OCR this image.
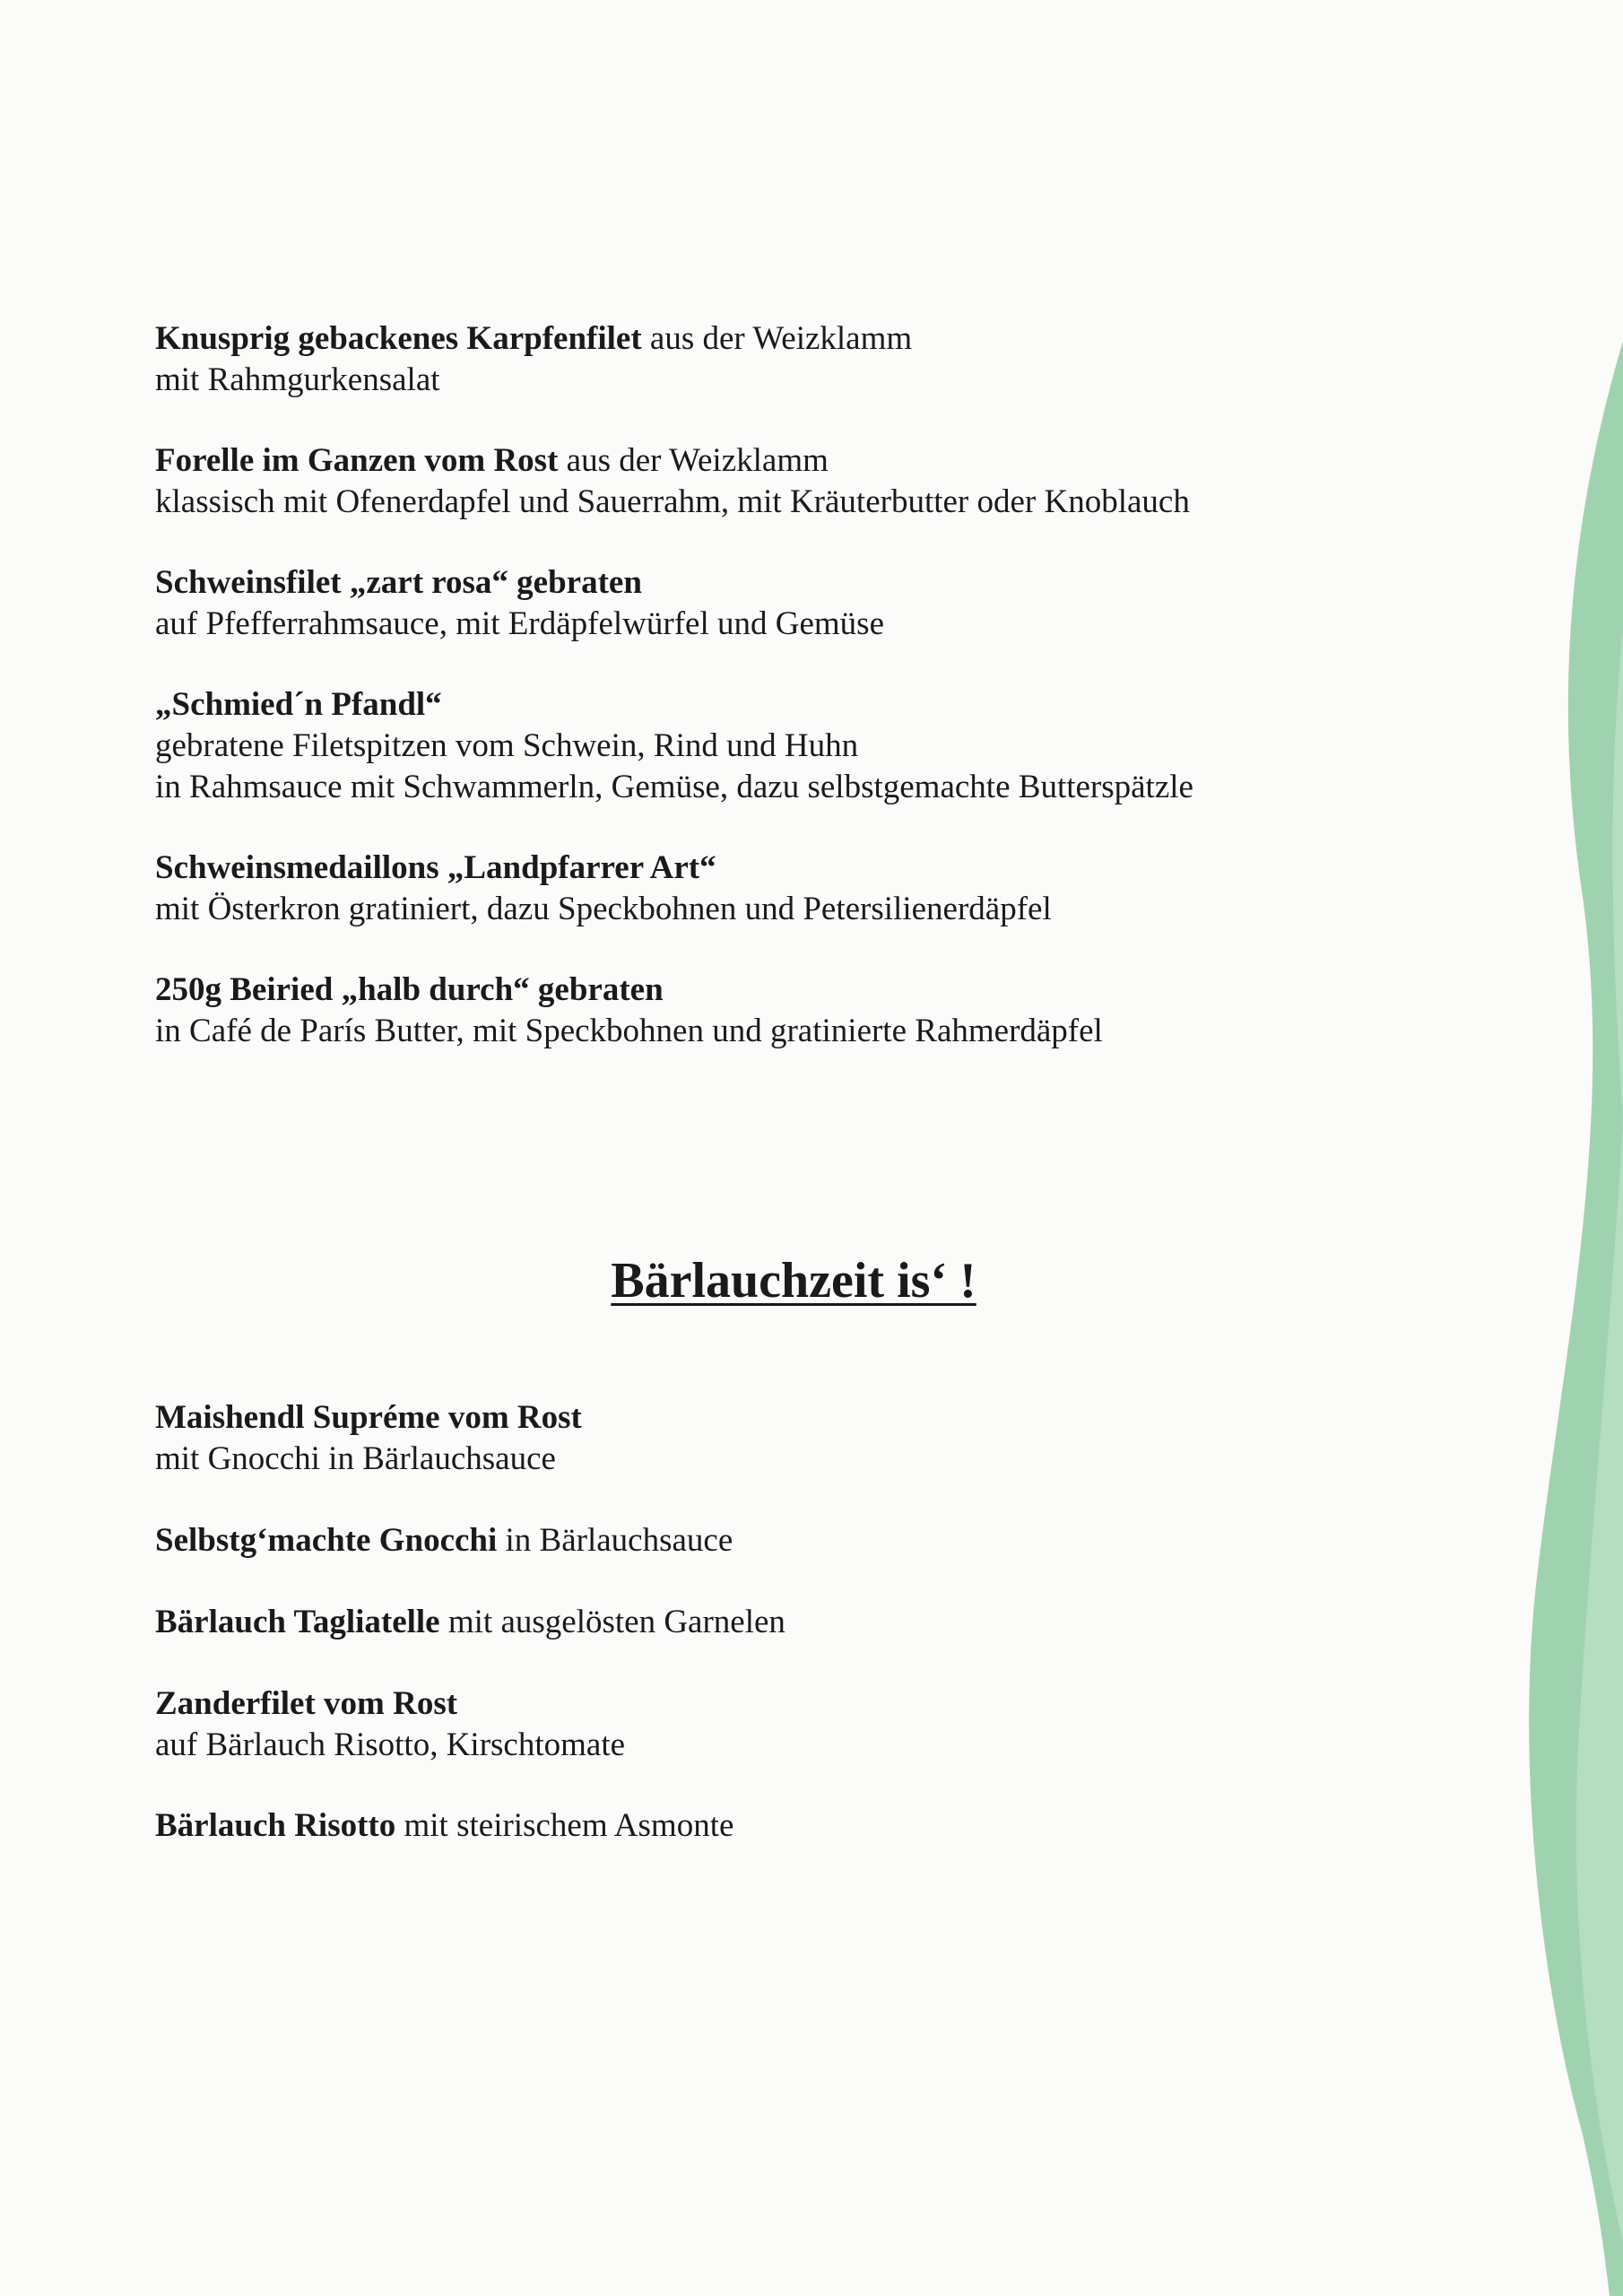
Knusprig gebackenes Karpfenfilet aus der Weizklamm

mit Rahmgurkensalat

Forelle im Ganzen vom Rost aus der Weizklamm

klassisch mit Ofenerdapfel und Sauerrahm, mit Kräuterbutter oder Knoblauch

Schweinsfilet „zart rosa“ gebraten

auf Pfefferrahmsauce, mit Erdäpfelwürfel und Gemüse

„Schmied´n Pfandl“

gebratene Filetspitzen vom Schwein, Rind und Huhn

in Rahmsauce mit Schwammerln, Gemüse, dazu selbstgemachte Butterspätzle

Schweinsmedaillons „Landpfarrer Art“

mit Österkron gratiniert, dazu Speckbohnen und Petersilienerdäpfel

250g Beiried „halb durch“ gebraten

in Café de París Butter, mit Speckbohnen und gratinierte Rahmerdäpfel

Bärlauchzeit is‘ !

Maishendl Supréme vom Rost

mit Gnocchi in Bärlauchsauce

Selbstg‘machte Gnocchi in Bärlauchsauce

Bärlauch Tagliatelle mit ausgelösten Garnelen

Zanderfilet vom Rost

auf Bärlauch Risotto, Kirschtomate

Bärlauch Risotto mit steirischem Asmonte
